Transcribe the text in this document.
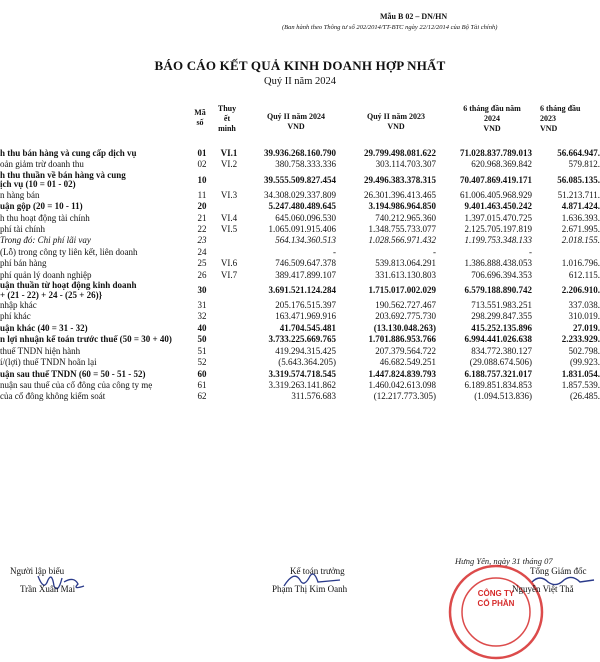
Mẫu B 02 – DN/HN
(Ban hành theo Thông tư số 202/2014/TT-BTC ngày 22/12/2014 của Bộ Tài chính)
BÁO CÁO KẾT QUẢ KINH DOANH HỢP NHẤT
Quý II năm 2024
Mã
số
Thuy
ết
minh
Quý II năm 2024
VND
Quý II năm 2023
VND
6 tháng đầu năm
2024
VND
6 tháng đầu
2023
VND
h thu bán hàng và cung cấp dịch vụ	01	VI.1	39.936.268.160.790	29.799.498.081.622	71.028.837.789.013	56.664.947.
oản giảm trừ doanh thu	02	VI.2	380.758.333.336	303.114.703.307	620.968.369.842	579.812.

h thu thuần về bán hàng và cung
ịch vụ (10 = 01 - 02)	10		39.555.509.827.454	29.496.383.378.315	70.407.869.419.171	56.085.135.
n hàng bán	11	VI.3	34.308.029.337.809	26.301.396.413.465	61.006.405.968.929	51.213.711.
uận gộp (20 = 10 - 11)	20		5.247.480.489.645	3.194.986.964.850	9.401.463.450.242	4.871.424.
h thu hoạt động tài chính	21	VI.4	645.060.096.530	740.212.965.360	1.397.015.470.725	1.636.393.
phí tài chính	22	VI.5	1.065.091.915.406	1.348.755.733.077	2.125.705.197.819	2.671.995.
Trong đó: Chi phí lãi vay	23		564.134.360.513	1.028.566.971.432	1.199.753.348.133	2.018.155.
(Lỗ) trong công ty liên kết, liên doanh	24		-	-	-	
phí bán hàng	25	VI.6	746.509.647.378	539.813.064.291	1.386.888.438.053	1.016.796.
phí quản lý doanh nghiệp	26	VI.7	389.417.899.107	331.613.130.803	706.696.394.353	612.115.

uận thuần từ hoạt động kinh doanh
+ (21 - 22) + 24 - (25 + 26)}	30		3.691.521.124.284	1.715.017.002.029	6.579.188.890.742	2.206.910.
nhập khác	31		205.176.515.397	190.562.727.467	713.551.983.251	337.038.
phí khác	32		163.471.969.916	203.692.775.730	298.299.847.355	310.019.
uận khác (40 = 31 - 32)	40		41.704.545.481	(13.130.048.263)	415.252.135.896	27.019.
n lợi nhuận kế toán trước thuế (50 = 30 + 40)	50		3.733.225.669.765	1.701.886.953.766	6.994.441.026.638	2.233.929.
thuế TNDN hiện hành	51		419.294.315.425	207.379.564.722	834.772.380.127	502.798.
í/(lợi) thuế TNDN hoãn lại	52		(5.643.364.205)	46.682.549.251	(29.088.674.506)	(99.923.
uận sau thuế TNDN (60 = 50 - 51 - 52)	60		3.319.574.718.545	1.447.824.839.793	6.188.757.321.017	1.831.054.
nuận sau thuế của cổ đông của công ty mẹ	61		3.319.263.141.862	1.460.042.613.098	6.189.851.834.853	1.857.539.
của cổ đông không kiểm soát	62		311.576.683	(12.217.773.305)	(1.094.513.836)	(26.485.
Hưng Yên, ngày 31 tháng 07
Người lập biểu	Kế toán trưởng	Tổng Giám đốc
CÔNG TY
CỔ PHẦN
Trần Xuân Mai	Phạm Thị Kim Oanh	Nguyễn Việt Thắ
